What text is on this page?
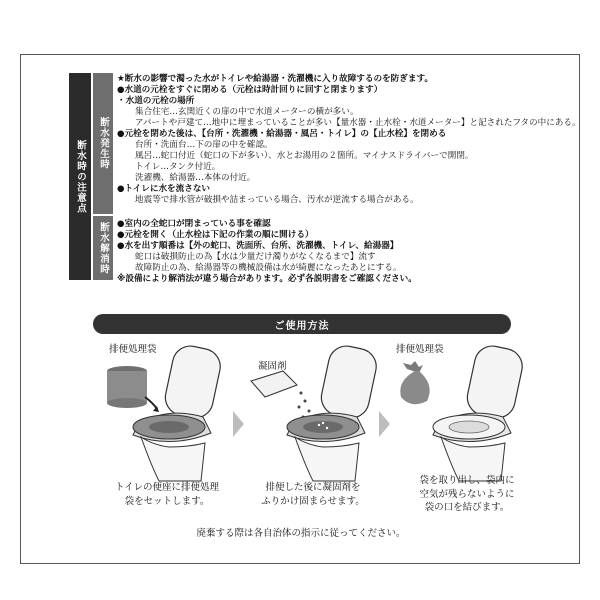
断水時の注意点 断水発生時
断水解消時
★断水の影響で濁った水がトイレや給湯器・洗濯機に入り故障するのを防ぎます。
●水道の元栓をすぐに閉める（元栓は時計回りに回すと閉まります）
・水道の元栓の場所
集合住宅…玄関近くの扉の中で水道メーターの横が多い。
アパートや戸建て…地中に埋まっていることが多い【量水器・止水栓・水道メーター】と記されたフタの中にある。
●元栓を閉めた後は、【台所・洗濯機・給湯器・風呂・トイレ】の【止水栓】を閉める
台所・洗面台…下の扉の中を確認。
風呂…蛇口付近（蛇口の下が多い）、水とお湯用の２箇所。マイナスドライバーで開閉。
トイレ…タンク付近。
洗濯機、給湯器…本体の付近。
●トイレに水を流さない
地震等で排水管が破損や詰まっている場合、汚水が逆流する場合がある。
●室内の全蛇口が閉まっている事を確認
●元栓を開く（止水栓は下記の作業の順に開ける）
●水を出す順番は【外の蛇口、洗面所、台所、洗濯機、トイレ、給湯器】
蛇口は破損防止の為【水は少量だけ濁りがなくなるまで】流す
故障防止の為、給湯器等の機械設備は水が綺麗になったあとにする。
※設備により解消法が違う場合があります。必ず各説明書をご確認ください。
ご使用方法
排便処理袋
凝固剤
排便処理袋
トイレの便座に排便処理
袋をセットします。
排便した後に凝固剤を
ふりかけ固まらせます。
袋を取り出し、袋内に
空気が残らないように
袋の口を結びます。
廃棄する際は各自治体の指示に従ってください。
